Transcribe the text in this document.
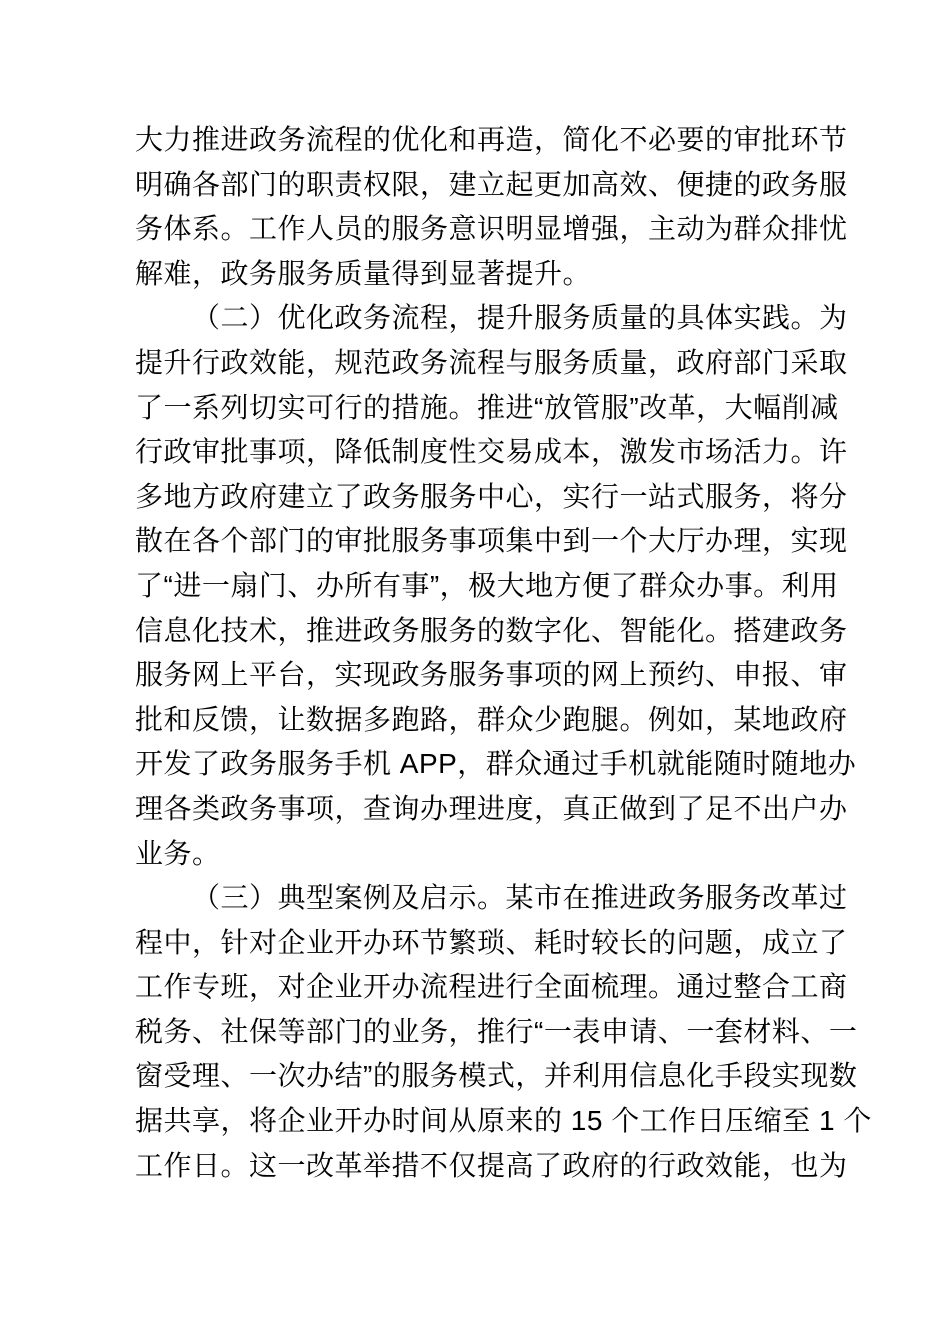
大力推进政务流程的优化和再造，简化不必要的审批环节
明确各部门的职责权限，建立起更加高效、便捷的政务服
务体系。工作人员的服务意识明显增强，主动为群众排忧
解难，政务服务质量得到显著提升。
（二）优化政务流程，提升服务质量的具体实践。为
提升行政效能，规范政务流程与服务质量，政府部门采取
了一系列切实可行的措施。推进“放管服”改革，大幅削减
行政审批事项，降低制度性交易成本，激发市场活力。许
多地方政府建立了政务服务中心，实行一站式服务，将分
散在各个部门的审批服务事项集中到一个大厅办理，实现
了“进一扇门、办所有事”，极大地方便了群众办事。利用
信息化技术，推进政务服务的数字化、智能化。搭建政务
服务网上平台，实现政务服务事项的网上预约、申报、审
批和反馈，让数据多跑路，群众少跑腿。例如，某地政府
开发了政务服务手机 APP，群众通过手机就能随时随地办
理各类政务事项，查询办理进度，真正做到了足不出户办
业务。
（三）典型案例及启示。某市在推进政务服务改革过
程中，针对企业开办环节繁琐、耗时较长的问题，成立了
工作专班，对企业开办流程进行全面梳理。通过整合工商
税务、社保等部门的业务，推行“一表申请、一套材料、一
窗受理、一次办结”的服务模式，并利用信息化手段实现数
据共享，将企业开办时间从原来的 15 个工作日压缩至 1 个
工作日。这一改革举措不仅提高了政府的行政效能，也为
